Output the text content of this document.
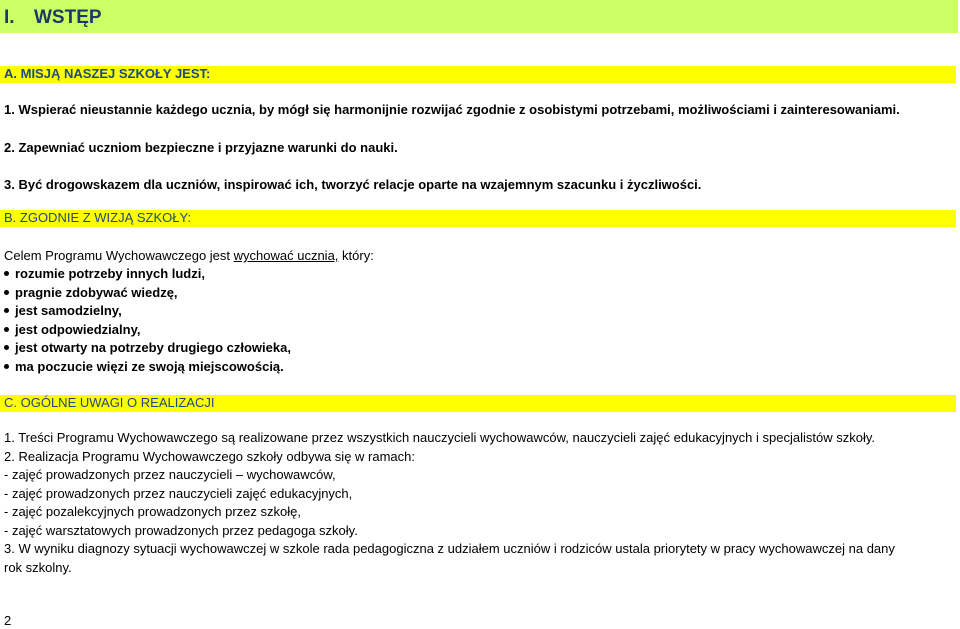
I. WSTĘP
A. MISJĄ NASZEJ SZKOŁY JEST:
1. Wspierać nieustannie każdego ucznia, by mógł się harmonijnie rozwijać zgodnie z osobistymi potrzebami, możliwościami i zainteresowaniami.
2. Zapewniać uczniom bezpieczne i przyjazne warunki do nauki.
3. Być drogowskazem dla uczniów, inspirować ich, tworzyć relacje oparte na wzajemnym szacunku i życzliwości.
B. ZGODNIE Z WIZJĄ SZKOŁY:
Celem Programu Wychowawczego jest wychować ucznia, który:
rozumie potrzeby innych ludzi,
pragnie zdobywać wiedzę,
jest samodzielny,
jest odpowiedzialny,
jest otwarty na potrzeby drugiego człowieka,
ma poczucie więzi ze swoją miejscowością.
C. OGÓLNE UWAGI O REALIZACJI
1. Treści Programu Wychowawczego są realizowane przez wszystkich nauczycieli wychowawców, nauczycieli zajęć edukacyjnych i specjalistów szkoły.
2. Realizacja Programu Wychowawczego szkoły odbywa się w ramach:
- zajęć prowadzonych przez nauczycieli – wychowawców,
- zajęć prowadzonych przez nauczycieli zajęć edukacyjnych,
- zajęć pozalekcyjnych prowadzonych przez szkołę,
- zajęć warsztatowych prowadzonych przez pedagoga szkoły.
3. W wyniku diagnozy sytuacji wychowawczej w szkole rada pedagogiczna z udziałem uczniów i rodziców ustala priorytety w pracy wychowawczej na dany
rok szkolny.
2
